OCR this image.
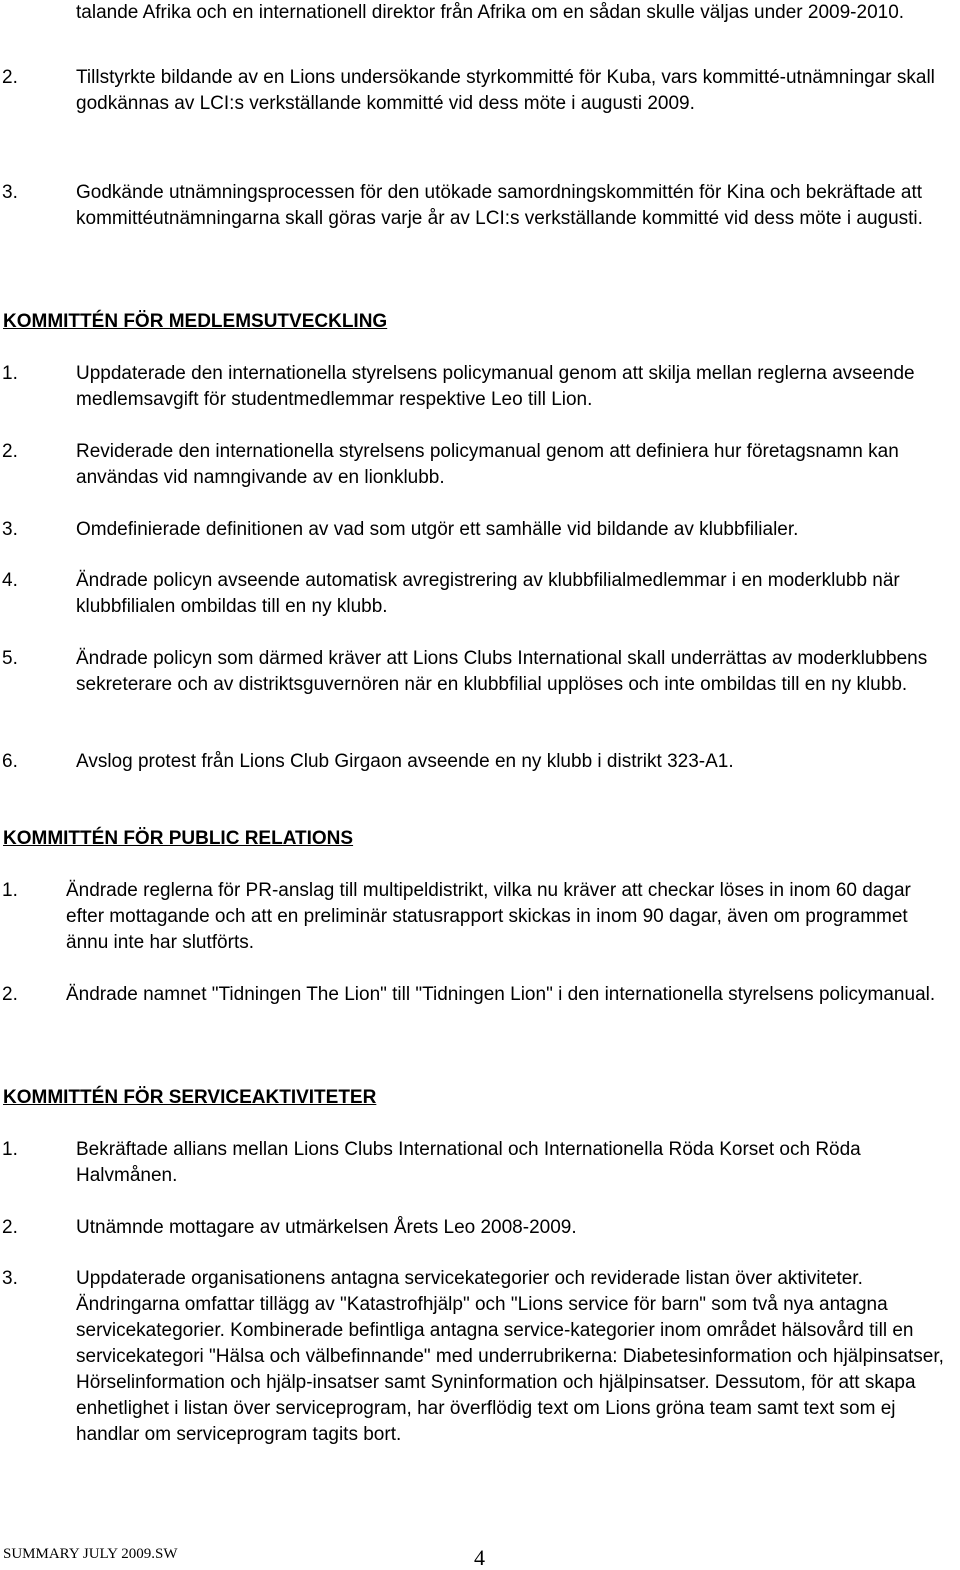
talande Afrika och en internationell direktor från Afrika om en sådan skulle väljas under 2009-2010.

2.	Tillstyrkte bildande av en Lions undersökande styrkommitté för Kuba, vars kommitté-utnämningar skall godkännas av LCI:s verkställande kommitté vid dess möte i augusti 2009.

3.	Godkände utnämningsprocessen för den utökade samordningskommittén för Kina och bekräftade att kommittéutnämningarna skall göras varje år av LCI:s verkställande kommitté vid dess möte i augusti.

KOMMITTÉN FÖR MEDLEMSUTVECKLING
1.	Uppdaterade den internationella styrelsens policymanual genom att skilja mellan reglerna avseende medlemsavgift för studentmedlemmar respektive Leo till Lion.

2.	Reviderade den internationella styrelsens policymanual genom att definiera hur företagsnamn kan användas vid namngivande av en lionklubb.

3.	Omdefinierade definitionen av vad som utgör ett samhälle vid bildande av klubbfilialer.

4.	Ändrade policyn avseende automatisk avregistrering av klubbfilialmedlemmar i en moderklubb när klubbfilialen ombildas till en ny klubb.

5.	Ändrade policyn som därmed kräver att Lions Clubs International skall underrättas av moderklubbens sekreterare och av distriktsguvernören när en klubbfilial upplöses och inte ombildas till en ny klubb.

6.	Avslog protest från Lions Club Girgaon avseende en ny klubb i distrikt 323-A1.

KOMMITTÉN FÖR PUBLIC RELATIONS
1.	Ändrade reglerna för PR-anslag till multipeldistrikt, vilka nu kräver att checkar löses in inom 60 dagar efter mottagande och att en preliminär statusrapport skickas in inom 90 dagar, även om programmet ännu inte har slutförts.

2.	Ändrade namnet "Tidningen The Lion" till "Tidningen Lion" i den internationella styrelsens policymanual.

KOMMITTÉN FÖR SERVICEAKTIVITETER
1.	Bekräftade allians mellan Lions Clubs International och Internationella Röda Korset och Röda Halvmånen.

2.	Utnämnde mottagare av utmärkelsen Årets Leo 2008-2009.

3.	Uppdaterade organisationens antagna servicekategorier och reviderade listan över aktiviteter. Ändringarna omfattar tillägg av "Katastrofhjälp" och "Lions service för barn" som två nya antagna servicekategorier. Kombinerade befintliga antagna service-kategorier inom området hälsovård till en servicekategori "Hälsa och välbefinnande" med underrubrikerna: Diabetesinformation och hjälpinsatser, Hörselinformation och hjälp-insatser samt Syninformation och hjälpinsatser. Dessutom, för att skapa enhetlighet i listan över serviceprogram, har överflödig text om Lions gröna team samt text som ej handlar om serviceprogram tagits bort.

SUMMARY JULY 2009.SW	4
